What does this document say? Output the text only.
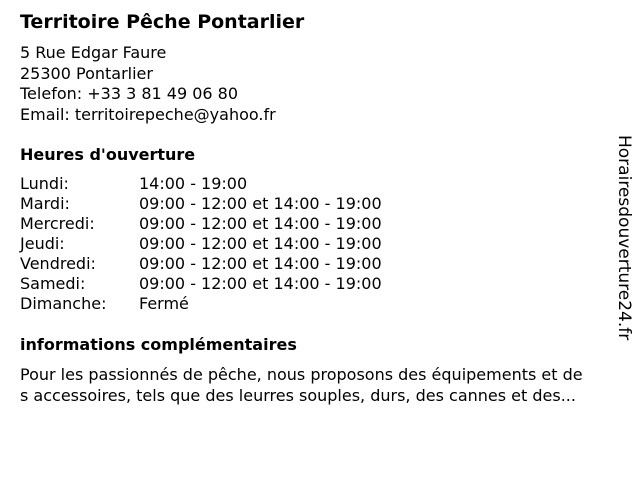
Territoire Pêche Pontarlier
5 Rue Edgar Faure
25300 Pontarlier
Telefon: +33 3 81 49 06 80
Email: territoirepeche@yahoo.fr
Heures d'ouverture
Lundi:	14:00 - 19:00
Mardi:	09:00 - 12:00 et 14:00 - 19:00
Mercredi:	09:00 - 12:00 et 14:00 - 19:00
Jeudi:	09:00 - 12:00 et 14:00 - 19:00
Vendredi:	09:00 - 12:00 et 14:00 - 19:00
Samedi:	09:00 - 12:00 et 14:00 - 19:00
Dimanche: Fermé
informations complémentaires
Pour les passionnés de pêche, nous proposons des équipements et de
s accessoires, tels que des leurres souples, durs, des cannes et des...
Horairesdouverture24.fr
